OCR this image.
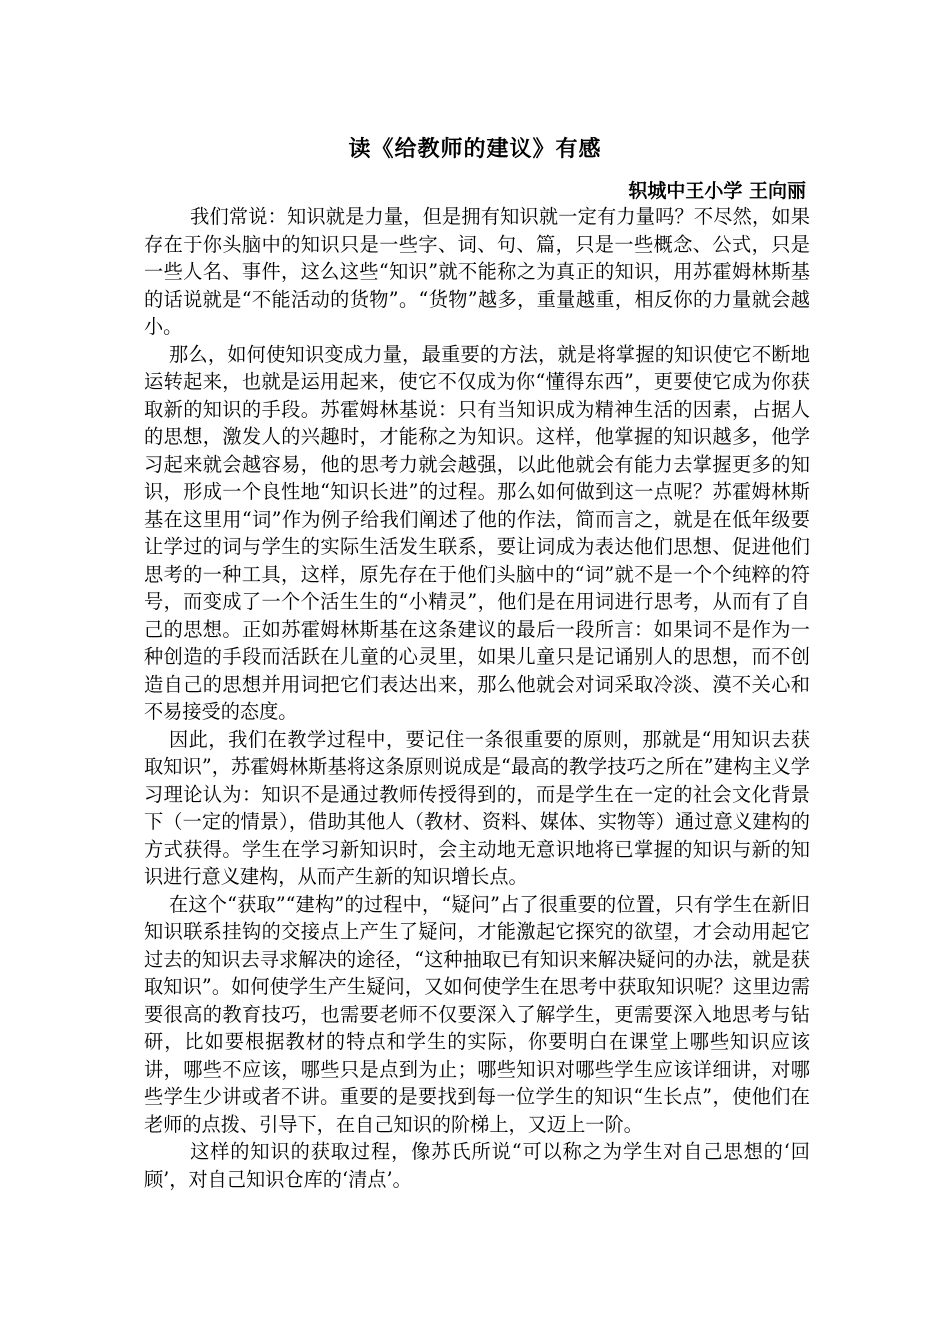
读《给教师的建议》有感
轵城中王小学 王向丽

我们常说：知识就是力量，但是拥有知识就一定有力量吗？不尽然，如果存在于你头脑中的知识只是一些字、词、句、篇，只是一些概念、公式，只是一些人名、事件，这么这些“知识”就不能称之为真正的知识，用苏霍姆林斯基的话说就是“不能活动的货物”。“货物”越多，重量越重，相反你的力量就会越小。

那么，如何使知识变成力量，最重要的方法，就是将掌握的知识使它不断地运转起来，也就是运用起来，使它不仅成为你“懂得东西”，更要使它成为你获取新的知识的手段。苏霍姆林基说：只有当知识成为精神生活的因素，占据人的思想，激发人的兴趣时，才能称之为知识。这样，他掌握的知识越多，他学习起来就会越容易，他的思考力就会越强，以此他就会有能力去掌握更多的知识，形成一个良性地“知识长进”的过程。那么如何做到这一点呢？苏霍姆林斯基在这里用“词”作为例子给我们阐述了他的作法，简而言之，就是在低年级要让学过的词与学生的实际生活发生联系，要让词成为表达他们思想、促进他们思考的一种工具，这样，原先存在于他们头脑中的“词”就不是一个个纯粹的符号，而变成了一个个活生生的“小精灵”，他们是在用词进行思考，从而有了自己的思想。正如苏霍姆林斯基在这条建议的最后一段所言：如果词不是作为一种创造的手段而活跃在儿童的心灵里，如果儿童只是记诵别人的思想，而不创造自己的思想并用词把它们表达出来，那么他就会对词采取冷淡、漠不关心和不易接受的态度。

因此，我们在教学过程中，要记住一条很重要的原则，那就是“用知识去获取知识”，苏霍姆林斯基将这条原则说成是“最高的教学技巧之所在”建构主义学习理论认为：知识不是通过教师传授得到的，而是学生在一定的社会文化背景下（一定的情景），借助其他人（教材、资料、媒体、实物等）通过意义建构的方式获得。学生在学习新知识时，会主动地无意识地将已掌握的知识与新的知识进行意义建构，从而产生新的知识增长点。

在这个“获取”“建构”的过程中，“疑问”占了很重要的位置，只有学生在新旧知识联系挂钩的交接点上产生了疑问，才能激起它探究的欲望，才会动用起它过去的知识去寻求解决的途径，“这种抽取已有知识来解决疑问的办法，就是获取知识”。如何使学生产生疑问，又如何使学生在思考中获取知识呢？这里边需要很高的教育技巧，也需要老师不仅要深入了解学生，更需要深入地思考与钻研，比如要根据教材的特点和学生的实际，你要明白在课堂上哪些知识应该讲，哪些不应该，哪些只是点到为止；哪些知识对哪些学生应该详细讲，对哪些学生少讲或者不讲。重要的是要找到每一位学生的知识“生长点”，使他们在老师的点拨、引导下，在自己知识的阶梯上，又迈上一阶。

这样的知识的获取过程，像苏氏所说“可以称之为学生对自己思想的‘回顾’，对自己知识仓库的‘清点’。
